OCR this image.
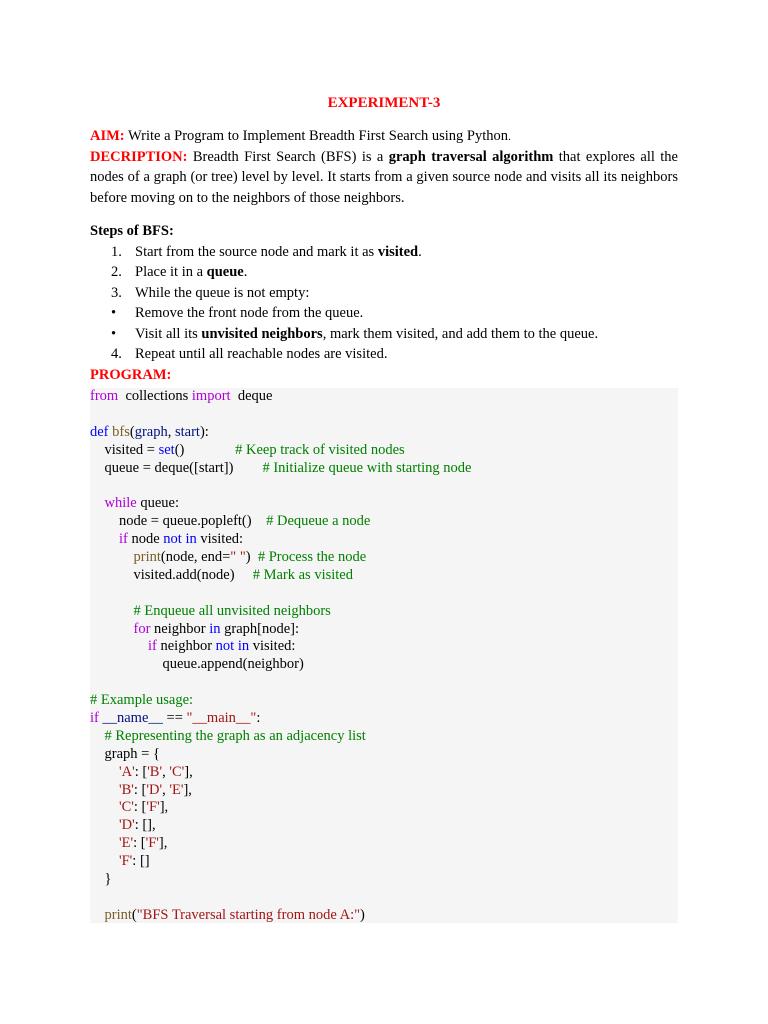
EXPERIMENT-3

AIM: Write a Program to Implement Breadth First Search using Python.

DECRIPTION: Breadth First Search (BFS) is a graph traversal algorithm that explores all the nodes of a graph (or tree) level by level. It starts from a given source node and visits all its neighbors before moving on to the neighbors of those neighbors.

Steps of BFS:
1. Start from the source node and mark it as visited.
2. Place it in a queue.
3. While the queue is not empty:
•	Remove the front node from the queue.
•	Visit all its unvisited neighbors, mark them visited, and add them to the queue.
4. Repeat until all reachable nodes are visited.
PROGRAM:
from  collections import  deque

def bfs(graph, start):
visited = set()              # Keep track of visited nodes
queue = deque([start])        # Initialize queue with starting node

while queue:
node = queue.popleft()    # Dequeue a node
if node not in visited:
print(node, end=" ")  # Process the node
visited.add(node)     # Mark as visited

# Enqueue all unvisited neighbors
for neighbor in graph[node]:
if neighbor not in visited:
queue.append(neighbor)

# Example usage:
if __name__ == "__main__":
# Representing the graph as an adjacency list
graph = {
'A': ['B', 'C'],
'B': ['D', 'E'],
'C': ['F'],
'D': [],
'E': ['F'],
'F': []
}

print("BFS Traversal starting from node A:")
